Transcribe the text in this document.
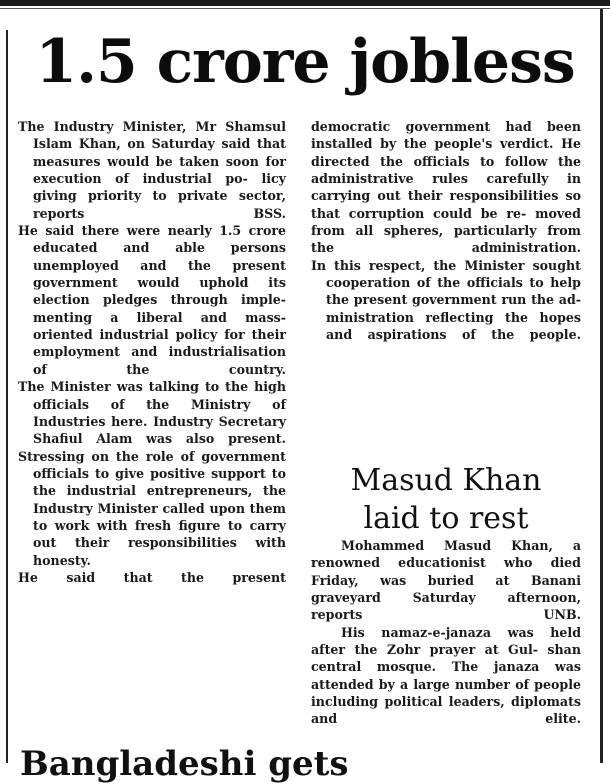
1.5 crore jobless

The Industry Minister, Mr Shamsul Islam Khan, on Saturday said that measures would be taken soon for execution of industrial po- licy giving priority to private sector, reports BSS.

He said there were nearly 1.5 crore educated and able persons unemployed and the present government would uphold its election pledges through imple- menting a liberal and mass- oriented industrial policy for their employment and industrialisation of the	country.

The Minister was talking to the high officials of the Ministry of Industries here. Industry Secretary Shafiul Alam was also present.

Stressing on the role of government officials to give positive support to the industrial entrepreneurs, the Industry Minister called upon them to work with fresh figure to carry out their responsibilities with honesty.

He said that the present

democratic government had been installed by the people's verdict. He directed the officials to follow the administrative rules carefully in carrying out their responsibilities so that corruption could be re- moved from all spheres, particularly from the	administration.

In this respect, the Minister sought cooperation of the officials to help the present government run the ad- ministration reflecting the hopes and aspirations of the people.

Masud Khan
laid to rest

Mohammed Masud Khan, a renowned educationist who died Friday, was buried at Banani graveyard Saturday	afternoon, reports UNB.

His namaz-e-janaza was held after the Zohr prayer at Gul- shan central mosque. The janaza was attended by a large number of people including political leaders, diplomats and elite.

Bangladeshi gets
